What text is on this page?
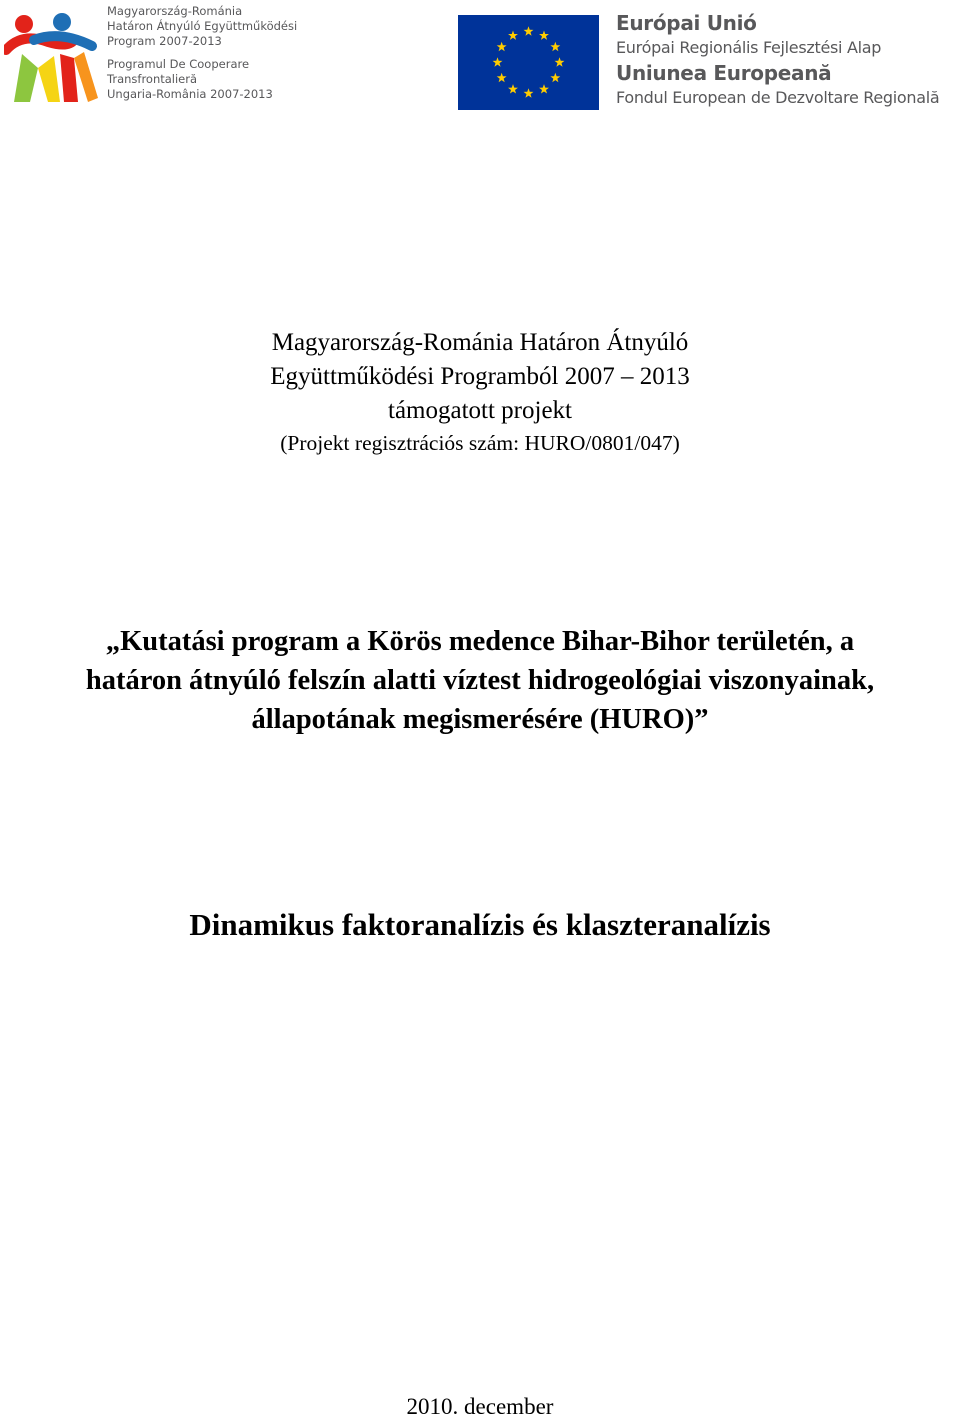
Magyarország-Románia
Határon Átnyúló Együttműködési
Program 2007-2013
Programul De Cooperare
Transfrontalieră
Ungaria-România 2007-2013
Európai Unió
Európai Regionális Fejlesztési Alap
Uniunea Europeană
Fondul European de Dezvoltare Regională
Magyarország-Románia Határon Átnyúló
Együttműködési Programból 2007 – 2013
támogatott projekt
(Projekt regisztrációs szám: HURO/0801/047)
„Kutatási program a Körös medence Bihar-Bihor területén, a
határon átnyúló felszín alatti víztest hidrogeológiai viszonyainak,
állapotának megismerésére (HURO)”
Dinamikus faktoranalízis és klaszteranalízis
2010. december
